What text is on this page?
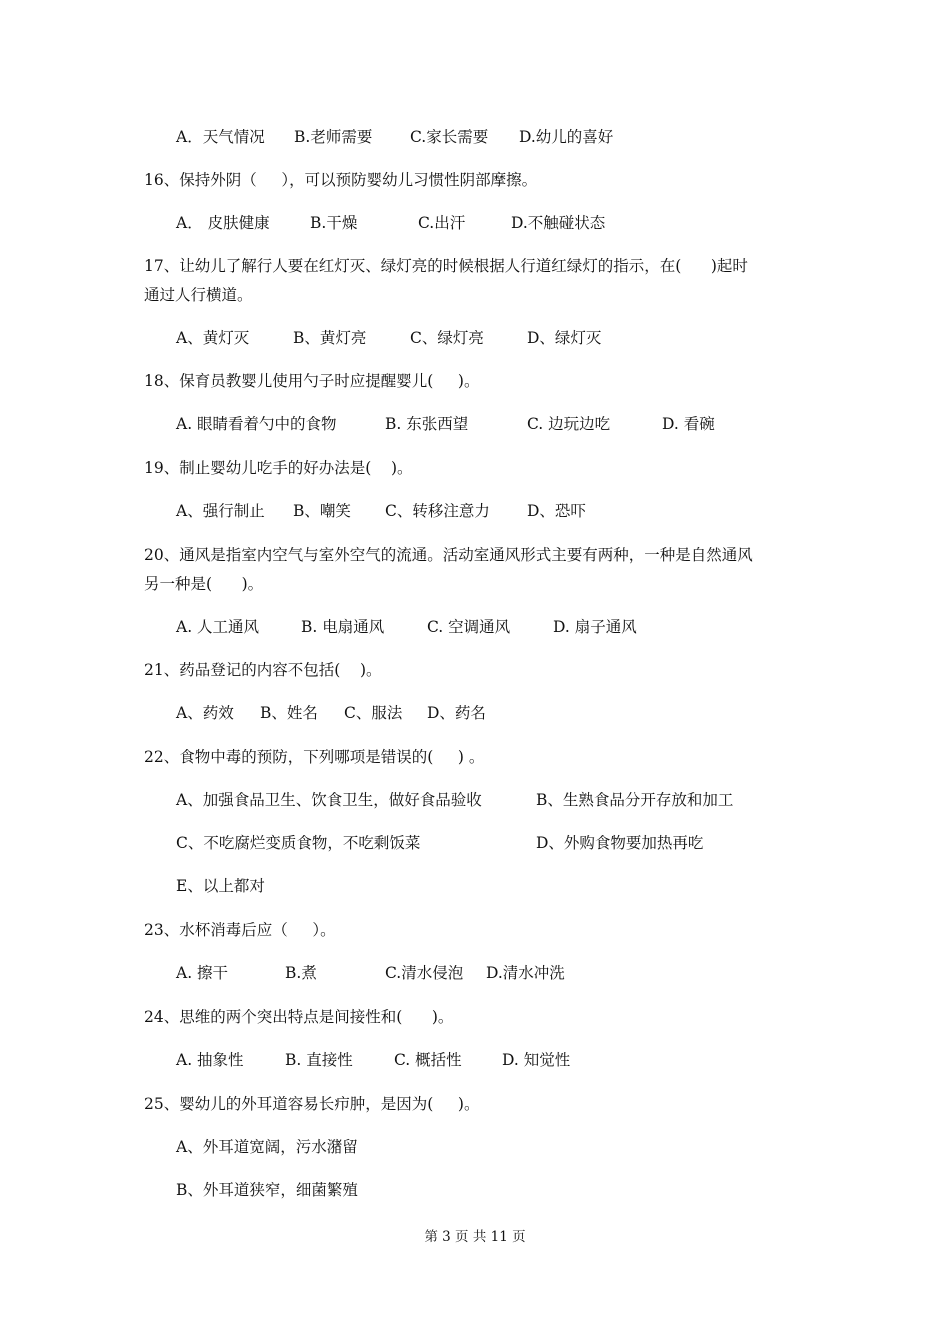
A．天气情况

B.老师需要

C.家长需要

D.幼儿的喜好

16、保持外阴（     ），可以预防婴幼儿习惯性阴部摩擦。

A． 皮肤健康

	B.干燥

	C.出汗

	D.不触碰状态

17、让幼儿了解行人要在红灯灭、绿灯亮的时候根据人行道红绿灯的指示，在(      )起时
通过人行横道。

A、黄灯灭

	B、黄灯亮

	C、绿灯亮

	D、绿灯灭

18、保育员教婴儿使用勺子时应提醒婴儿(     )。

A. 眼睛看着勺中的食物

	B. 东张西望

	C. 边玩边吃

	D. 看碗

19、制止婴幼儿吃手的好办法是(    )。

A、强行制止

B、嘲笑

C、转移注意力

D、恐吓

20、通风是指室内空气与室外空气的流通。活动室通风形式主要有两种，一种是自然通风
另一种是(      )。

A. 人工通风

	B. 电扇通风

	C. 空调通风

	D. 扇子通风

21、药品登记的内容不包括(    )。

A、药效

B、姓名

C、服法

D、药名

22、食物中毒的预防，下列哪项是错误的(     ) 。

A、加强食品卫生、饮食卫生，做好食品验收

	B、生熟食品分开存放和加工

C、不吃腐烂变质食物，不吃剩饭菜

	D、外购食物要加热再吃

E、以上都对
23、水杯消毒后应（     ）。

A. 擦干

	B.煮

	C.清水侵泡

D.清水冲洗

24、思维的两个突出特点是间接性和(      )。

A. 抽象性

	B. 直接性

	C. 概括性

	D. 知觉性

25、婴幼儿的外耳道容易长疖肿，是因为(     )。
A、外耳道宽阔，污水潴留
B、外耳道狭窄，细菌繁殖
第 3 页 共 11 页
